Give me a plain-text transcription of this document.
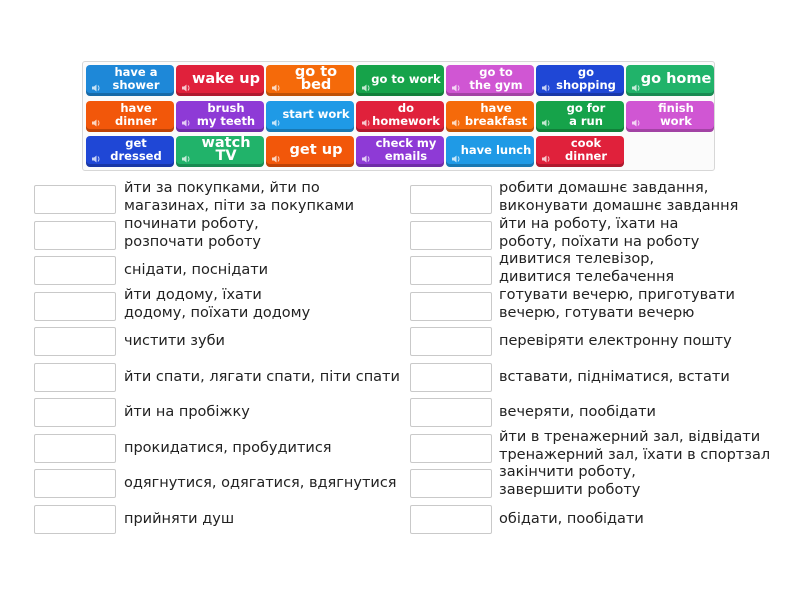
have a
shower	wake up	go to bed	go to work	go to
the gym
go
shopping	go home
have
dinner
brush
my teeth	start work	do
homework
have
breakfast
go for
a run
finish
work
get
dressed
watch TV	get up	check my
emails	have lunch	cook
dinner
йти за покупками, йти по
магазинах, піти за покупками
починати роботу,
розпочати роботу
снідати, поснідати
йти додому, їхати
додому, поїхати додому
чистити зуби
йти спати, лягати спати, піти спати
йти на пробіжку
прокидатися, пробудитися
одягнутися, одягатися, вдягнутися
прийняти душ
робити домашнє завдання,
виконувати домашнє завдання
йти на роботу, їхати на
роботу, поїхати на роботу
дивитися телевізор,
дивитися телебачення
готувати вечерю, приготувати
вечерю, готувати вечерю
перевіряти електронну пошту
вставати, підніматися, встати
вечеряти, пообідати
йти в тренажерний зал, відвідати
тренажерний зал, їхати в спортзал
закінчити роботу,
завершити роботу
обідати, пообідати
